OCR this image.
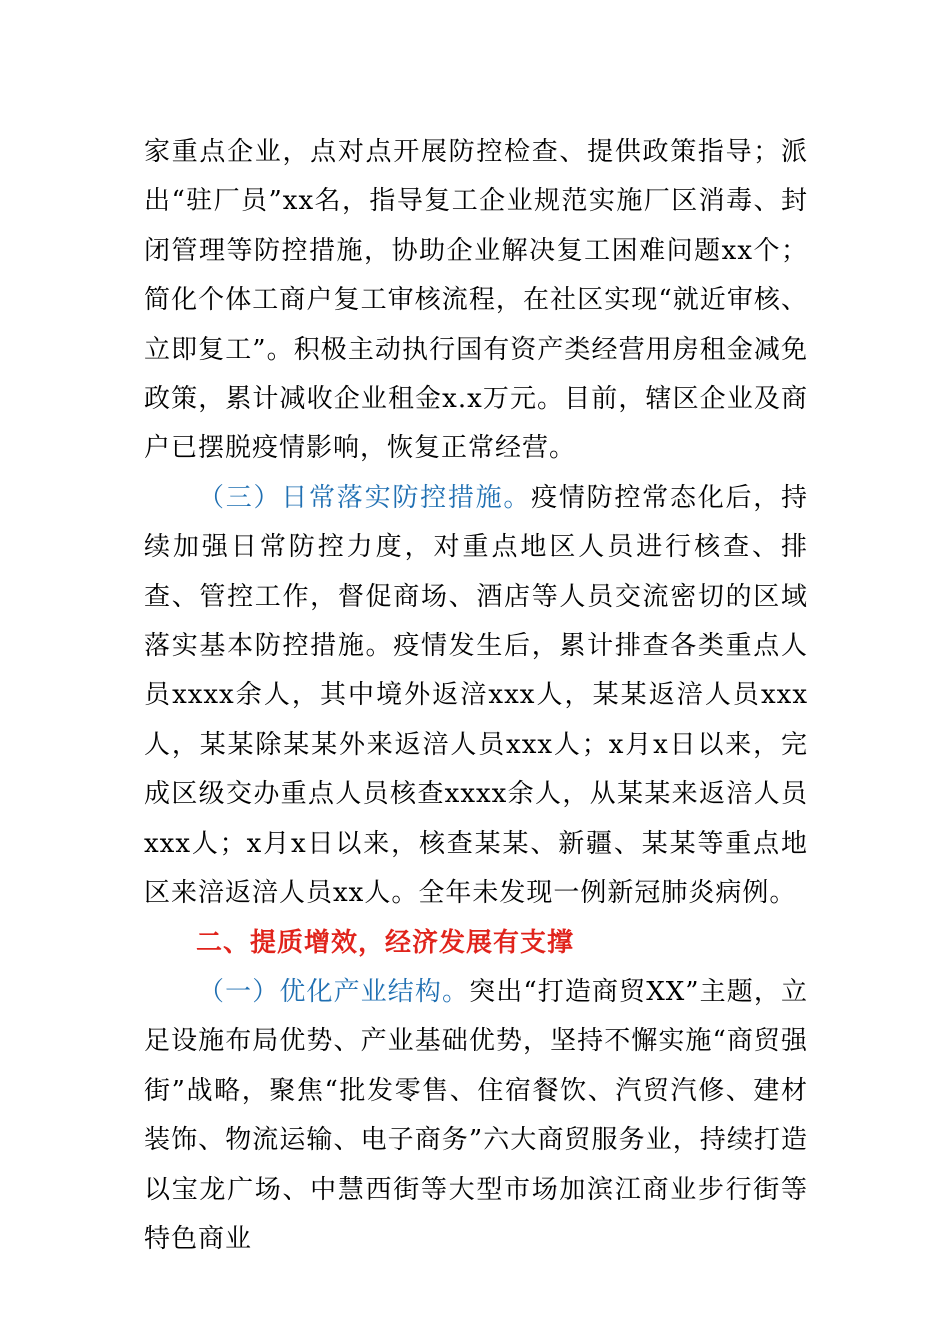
家重点企业，点对点开展防控检查、提供政策指导；派出“驻厂员”xx名，指导复工企业规范实施厂区消毒、封闭管理等防控措施，协助企业解决复工困难问题xx个；简化个体工商户复工审核流程，在社区实现“就近审核、立即复工”。积极主动执行国有资产类经营用房租金减免政策，累计减收企业租金x.x万元。目前，辖区企业及商户已摆脱疫情影响，恢复正常经营。

（三）日常落实防控措施。疫情防控常态化后，持续加强日常防控力度，对重点地区人员进行核查、排查、管控工作，督促商场、酒店等人员交流密切的区域落实基本防控措施。疫情发生后，累计排查各类重点人员xxxx余人，其中境外返涪xxx人，某某返涪人员xxx人，某某除某某外来返涪人员xxx人；x月x日以来，完成区级交办重点人员核查xxxx余人，从某某来返涪人员xxx人；x月x日以来，核查某某、新疆、某某等重点地区来涪返涪人员xx人。全年未发现一例新冠肺炎病例。

二、提质增效，经济发展有支撑

（一）优化产业结构。突出“打造商贸XX”主题，立足设施布局优势、产业基础优势，坚持不懈实施“商贸强街”战略，聚焦“批发零售、住宿餐饮、汽贸汽修、建材装饰、物流运输、电子商务”六大商贸服务业，持续打造以宝龙广场、中慧西街等大型市场加滨江商业步行街等特色商业
